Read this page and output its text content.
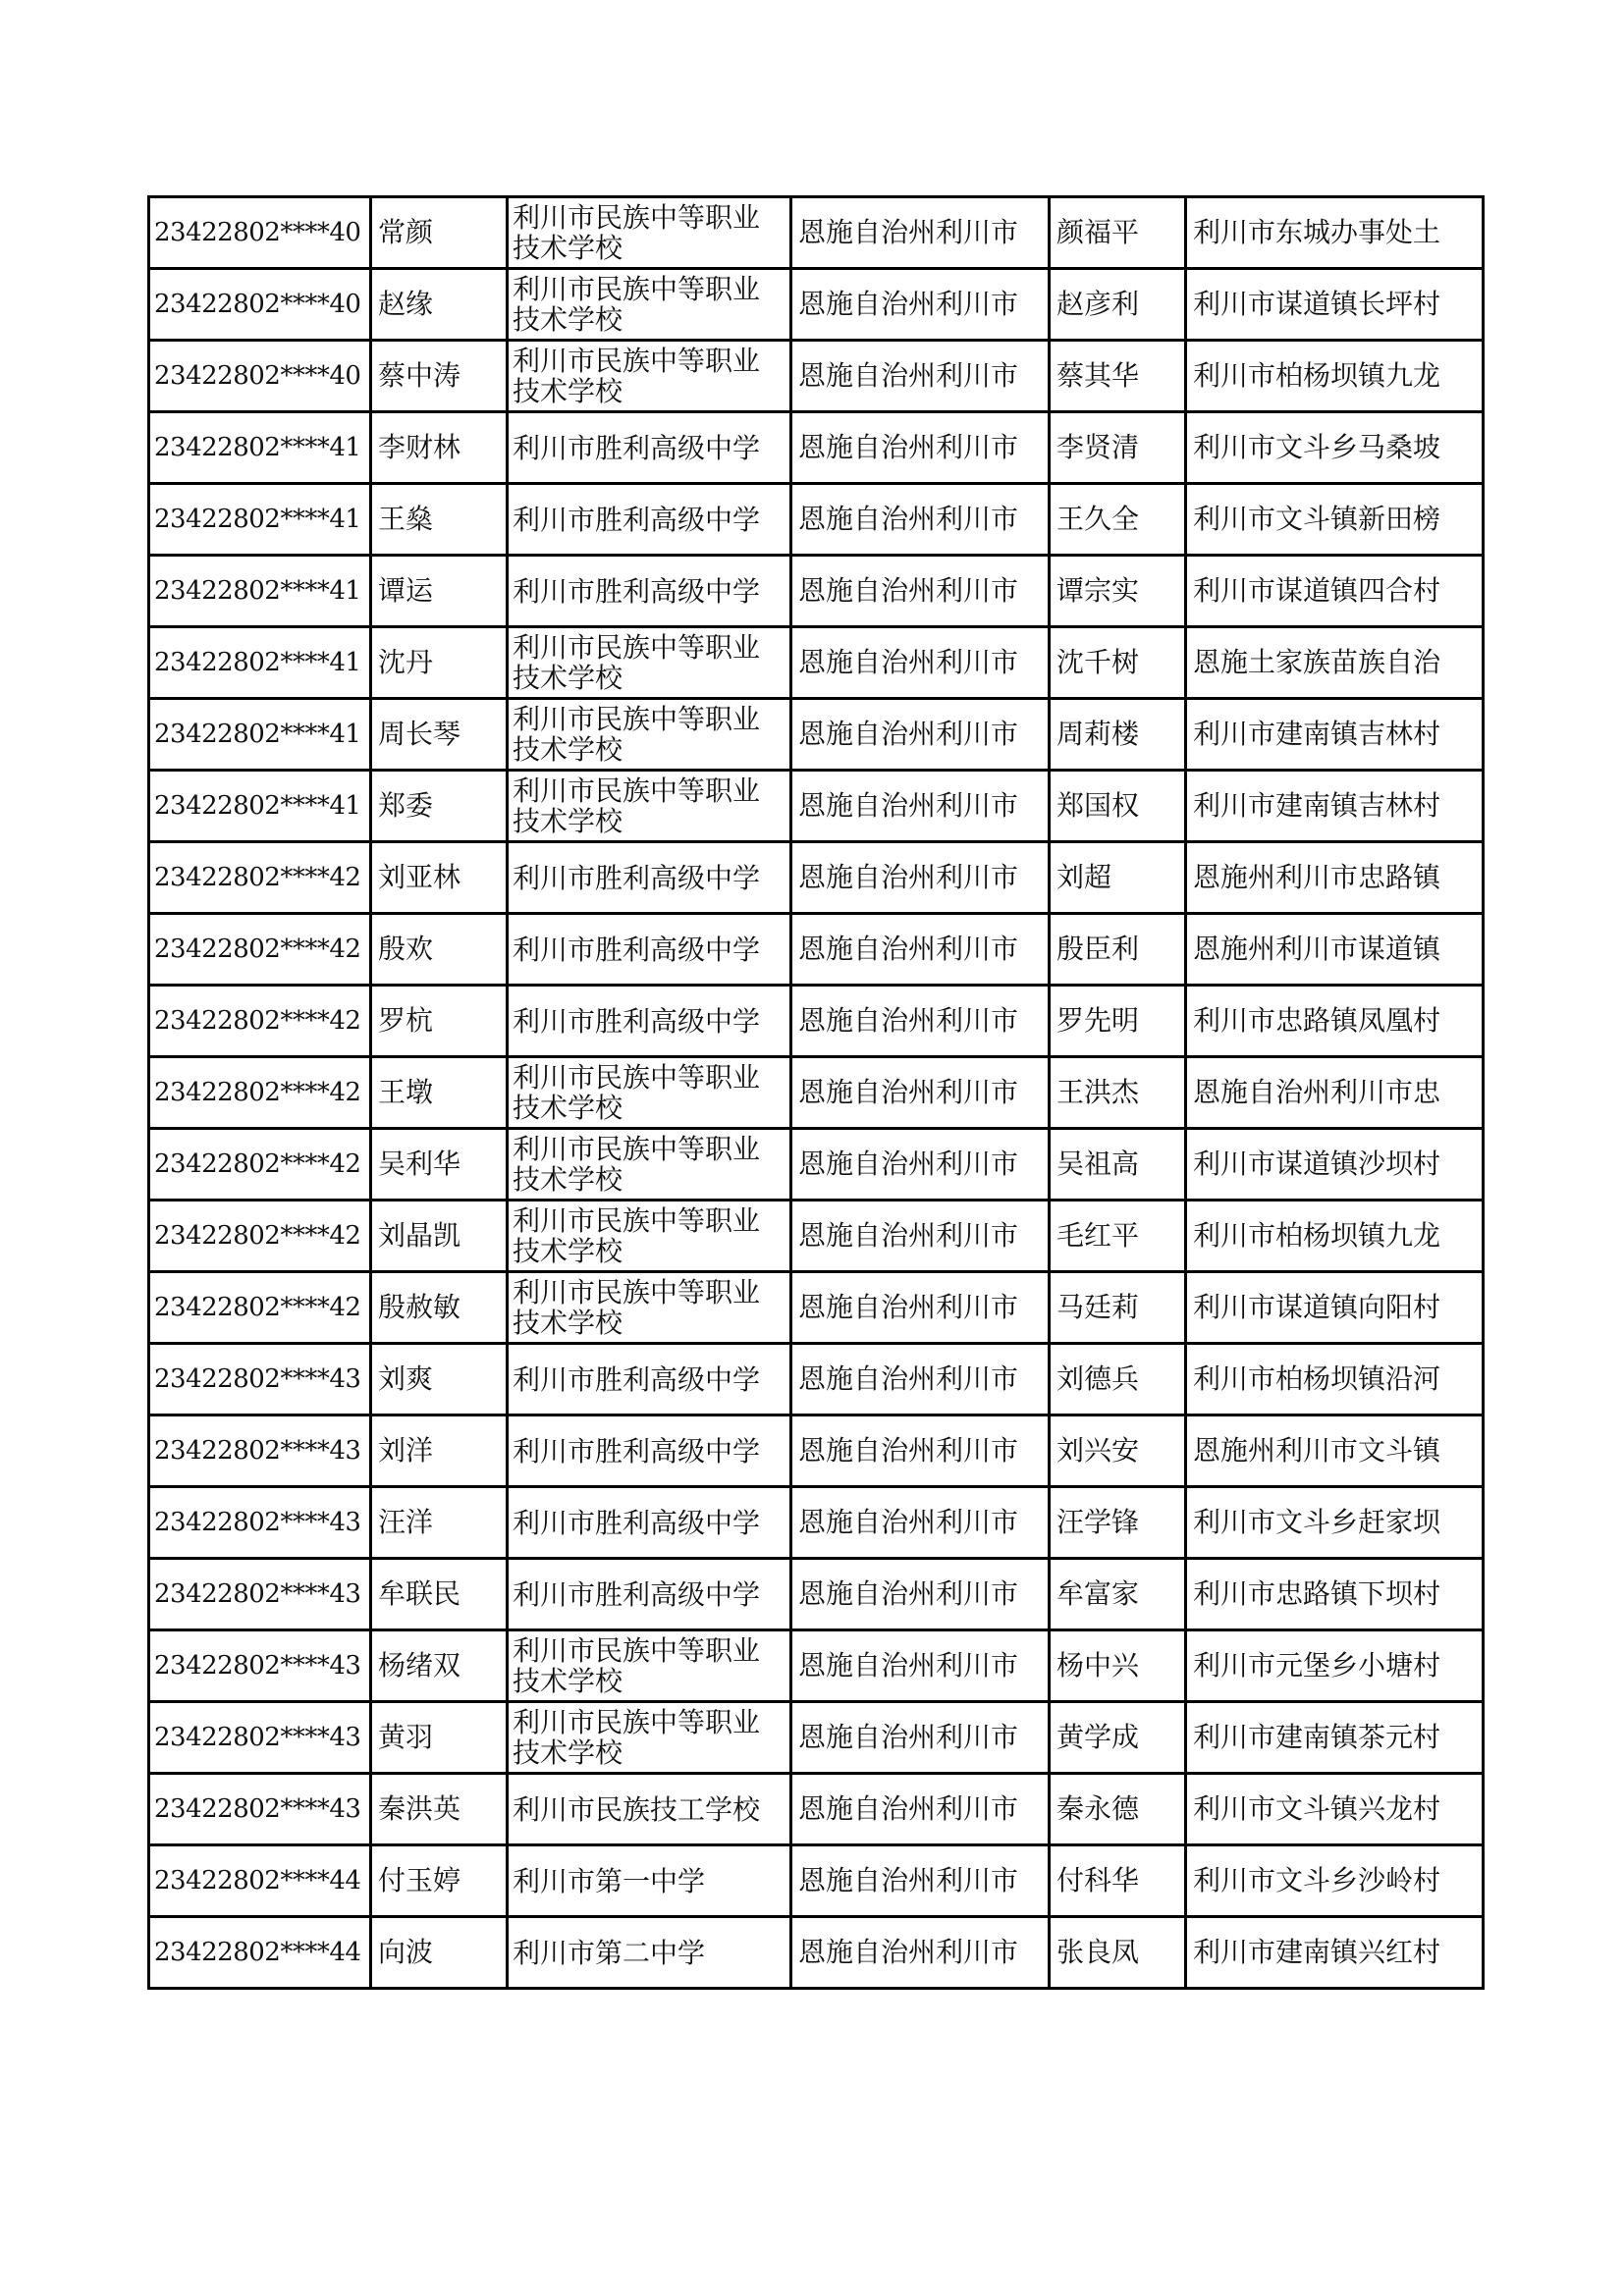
23422802****40	常颜	利川市民族中等职业技术学校	恩施自治州利川市	颜福平	利川市东城办事处土
23422802****40	赵缘	利川市民族中等职业技术学校	恩施自治州利川市	赵彦利	利川市谋道镇长坪村
23422802****40	蔡中涛	利川市民族中等职业技术学校	恩施自治州利川市	蔡其华	利川市柏杨坝镇九龙
23422802****41	李财林	利川市胜利高级中学	恩施自治州利川市	李贤清	利川市文斗乡马桑坡
23422802****41	王燊	利川市胜利高级中学	恩施自治州利川市	王久全	利川市文斗镇新田榜
23422802****41	谭运	利川市胜利高级中学	恩施自治州利川市	谭宗实	利川市谋道镇四合村
23422802****41	沈丹	利川市民族中等职业技术学校	恩施自治州利川市	沈千树	恩施土家族苗族自治
23422802****41	周长琴	利川市民族中等职业技术学校	恩施自治州利川市	周莉楼	利川市建南镇吉林村
23422802****41	郑委	利川市民族中等职业技术学校	恩施自治州利川市	郑国权	利川市建南镇吉林村
23422802****42	刘亚林	利川市胜利高级中学	恩施自治州利川市	刘超	恩施州利川市忠路镇
23422802****42	殷欢	利川市胜利高级中学	恩施自治州利川市	殷臣利	恩施州利川市谋道镇
23422802****42	罗杭	利川市胜利高级中学	恩施自治州利川市	罗先明	利川市忠路镇凤凰村
23422802****42	王墩	利川市民族中等职业技术学校	恩施自治州利川市	王洪杰	恩施自治州利川市忠
23422802****42	吴利华	利川市民族中等职业技术学校	恩施自治州利川市	吴祖高	利川市谋道镇沙坝村
23422802****42	刘晶凯	利川市民族中等职业技术学校	恩施自治州利川市	毛红平	利川市柏杨坝镇九龙
23422802****42	殷赦敏	利川市民族中等职业技术学校	恩施自治州利川市	马廷莉	利川市谋道镇向阳村
23422802****43	刘爽	利川市胜利高级中学	恩施自治州利川市	刘德兵	利川市柏杨坝镇沿河
23422802****43	刘洋	利川市胜利高级中学	恩施自治州利川市	刘兴安	恩施州利川市文斗镇
23422802****43	汪洋	利川市胜利高级中学	恩施自治州利川市	汪学锋	利川市文斗乡赶家坝
23422802****43	牟联民	利川市胜利高级中学	恩施自治州利川市	牟富家	利川市忠路镇下坝村
23422802****43	杨绪双	利川市民族中等职业技术学校	恩施自治州利川市	杨中兴	利川市元堡乡小塘村
23422802****43	黄羽	利川市民族中等职业技术学校	恩施自治州利川市	黄学成	利川市建南镇茶元村
23422802****43	秦洪英	利川市民族技工学校	恩施自治州利川市	秦永德	利川市文斗镇兴龙村
23422802****44	付玉婷	利川市第一中学	恩施自治州利川市	付科华	利川市文斗乡沙岭村
23422802****44	向波	利川市第二中学	恩施自治州利川市	张良凤	利川市建南镇兴红村
